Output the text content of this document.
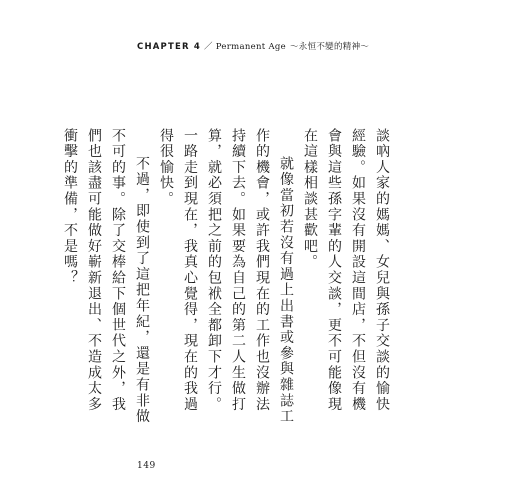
CHAPTER 4 ／ Permanent Age 〜永恒不變的精神〜

談吶人家的媽媽、女兒與孫子交談的愉快經驗。如果沒有開設這間店，不但沒有機會與這些孫字輩的人交談，更不可能像現在這樣相談甚歡吧。

就像當初若沒有過上出書或參與雜誌工作的機會，或許我們現在的工作也沒辦法持續下去。如果要為自己的第二人生做打算，就必須把之前的包袱全都卸下才行。一路走到現在，我真心覺得，現在的我過得很愉快。

不過，即使到了這把年紀，還是有非做不可的事。除了交棒給下個世代之外，我們也該盡可能做好嶄新退出、不造成太多衝擊的準備，不是嗎？

149
